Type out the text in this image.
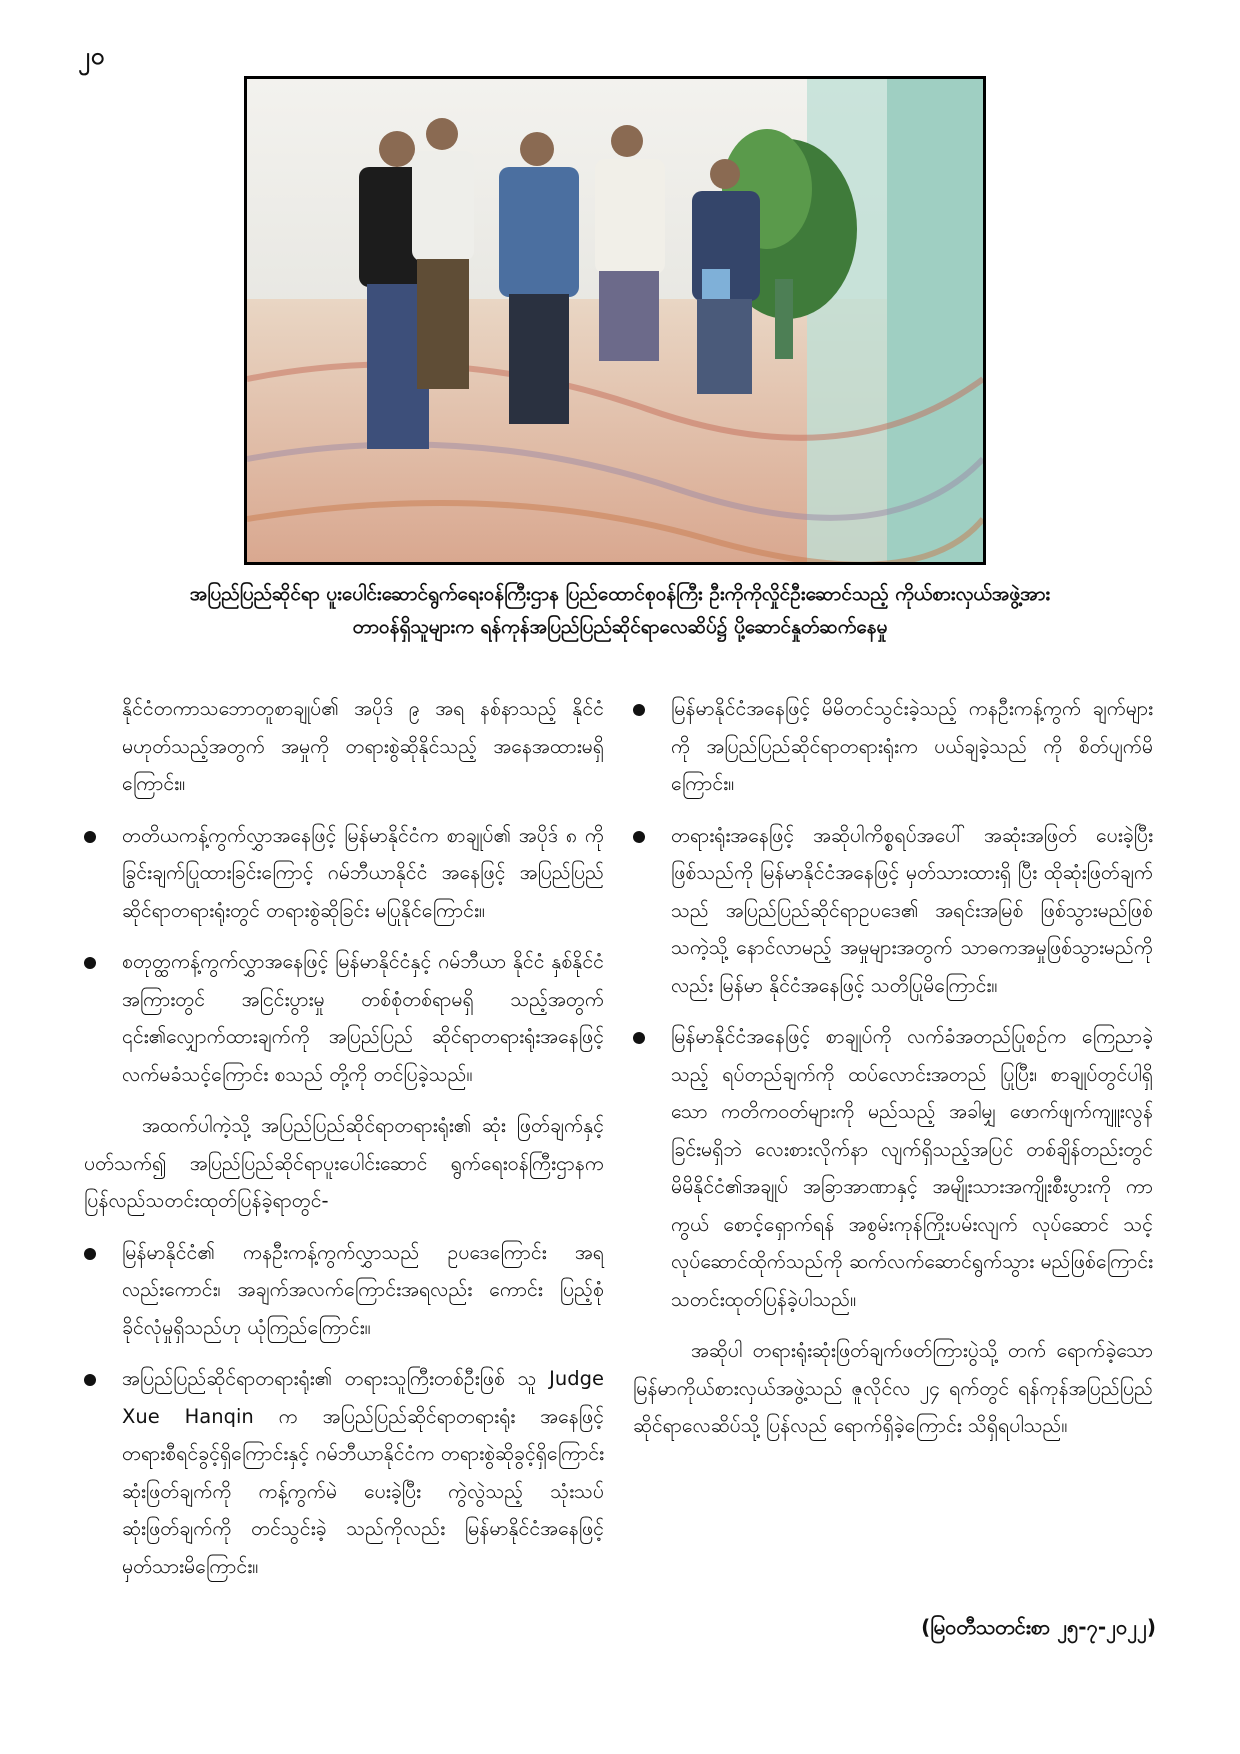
၂၀
အပြည်ပြည်ဆိုင်ရာ ပူးပေါင်းဆောင်ရွက်ရေးဝန်ကြီးဌာန ပြည်ထောင်စုဝန်ကြီး ဦးကိုကိုလှိုင်ဦးဆောင်သည့် ကိုယ်စားလှယ်အဖွဲ့အား
တာဝန်ရှိသူများက ရန်ကုန်အပြည်ပြည်ဆိုင်ရာလေဆိပ်၌ ပို့ဆောင်နှုတ်ဆက်နေမှု

နိုင်ငံတကာသဘောတူစာချုပ်၏ အပိုဒ် ၉ အရ နစ်နာသည့် နိုင်ငံမဟုတ်သည့်အတွက် အမှုကို တရားစွဲဆိုနိုင်သည့် အနေအထားမရှိကြောင်း။

တတိယကန့်ကွက်လွှာအနေဖြင့် မြန်မာနိုင်ငံက စာချုပ်၏ အပိုဒ် ၈ ကို ခြွင်းချက်ပြုထားခြင်းကြောင့် ဂမ်ဘီယာနိုင်ငံ အနေဖြင့် အပြည်ပြည်ဆိုင်ရာတရားရုံးတွင် တရားစွဲဆိုခြင်း မပြုနိုင်ကြောင်း။
စတုတ္ထကန့်ကွက်လွှာအနေဖြင့် မြန်မာနိုင်ငံနှင့် ဂမ်ဘီယာ နိုင်ငံ နှစ်နိုင်ငံအကြားတွင် အငြင်းပွားမှု တစ်စုံတစ်ရာမရှိ သည့်အတွက် ၎င်း၏လျှောက်ထားချက်ကို အပြည်ပြည် ဆိုင်ရာတရားရုံးအနေဖြင့် လက်မခံသင့်ကြောင်း စသည် တို့ကို တင်ပြခဲ့သည်။

အထက်ပါကဲ့သို့ အပြည်ပြည်ဆိုင်ရာတရားရုံး၏ ဆုံး ဖြတ်ချက်နှင့်ပတ်သက်၍ အပြည်ပြည်ဆိုင်ရာပူးပေါင်းဆောင် ရွက်ရေးဝန်ကြီးဌာနက ပြန်လည်သတင်းထုတ်ပြန်ခဲ့ရာတွင်-

မြန်မာနိုင်ငံ၏ ကနဦးကန့်ကွက်လွှာသည် ဥပဒေကြောင်း အရလည်းကောင်း၊ အချက်အလက်ကြောင်းအရလည်း ကောင်း ပြည့်စုံခိုင်လုံမှုရှိသည်ဟု ယုံကြည်ကြောင်း။
အပြည်ပြည်ဆိုင်ရာတရားရုံး၏ တရားသူကြီးတစ်ဦးဖြစ် သူ Judge Xue Hanqin က အပြည်ပြည်ဆိုင်ရာတရားရုံး အနေဖြင့် တရားစီရင်ခွင့်ရှိကြောင်းနှင့် ဂမ်ဘီယာနိုင်ငံက တရားစွဲဆိုခွင့်ရှိကြောင်း ဆုံးဖြတ်ချက်ကို ကန့်ကွက်မဲ ပေးခဲ့ပြီး ကွဲလွဲသည့် သုံးသပ်ဆုံးဖြတ်ချက်ကို တင်သွင်းခဲ့ သည်ကိုလည်း မြန်မာနိုင်ငံအနေဖြင့် မှတ်သားမိကြောင်း။
မြန်မာနိုင်ငံအနေဖြင့် မိမိတင်သွင်းခဲ့သည့် ကနဦးကန့်ကွက် ချက်များကို အပြည်ပြည်ဆိုင်ရာတရားရုံးက ပယ်ချခဲ့သည် ကို စိတ်ပျက်မိကြောင်း။
တရားရုံးအနေဖြင့် အဆိုပါကိစ္စရပ်အပေါ် အဆုံးအဖြတ် ပေးခဲ့ပြီးဖြစ်သည်ကို မြန်မာနိုင်ငံအနေဖြင့် မှတ်သားထားရှိ ပြီး ထိုဆုံးဖြတ်ချက်သည် အပြည်ပြည်ဆိုင်ရာဥပဒေ၏ အရင်းအမြစ် ဖြစ်သွားမည်ဖြစ်သကဲ့သို့ နောင်လာမည့် အမှုများအတွက် သာဓကအမှုဖြစ်သွားမည်ကိုလည်း မြန်မာ နိုင်ငံအနေဖြင့် သတိပြုမိကြောင်း။
မြန်မာနိုင်ငံအနေဖြင့် စာချုပ်ကို လက်ခံအတည်ပြုစဉ်က ကြေညာခဲ့သည့် ရပ်တည်ချက်ကို ထပ်လောင်းအတည် ပြုပြီး၊ စာချုပ်တွင်ပါရှိသော ကတိကဝတ်များကို မည်သည့် အခါမျှ ဖောက်ဖျက်ကျူးလွန်ခြင်းမရှိဘဲ လေးစားလိုက်နာ လျက်ရှိသည့်အပြင် တစ်ချိန်တည်းတွင် မိမိနိုင်ငံ၏အချုပ် အခြာအာဏာနှင့် အမျိုးသားအကျိုးစီးပွားကို ကာကွယ် စောင့်ရှောက်ရန် အစွမ်းကုန်ကြိုးပမ်းလျက် လုပ်ဆောင် သင့်လုပ်ဆောင်ထိုက်သည်ကို ဆက်လက်ဆောင်ရွက်သွား မည်ဖြစ်ကြောင်း သတင်းထုတ်ပြန်ခဲ့ပါသည်။

အဆိုပါ တရားရုံးဆုံးဖြတ်ချက်ဖတ်ကြားပွဲသို့ တက် ရောက်ခဲ့သော မြန်မာကိုယ်စားလှယ်အဖွဲ့သည် ဇူလိုင်လ ၂၄ ရက်တွင် ရန်ကုန်အပြည်ပြည်ဆိုင်ရာလေဆိပ်သို့ ပြန်လည် ရောက်ရှိခဲ့ကြောင်း သိရှိရပါသည်။

(မြဝတီသတင်းစာ ၂၅-၇-၂၀၂၂)
